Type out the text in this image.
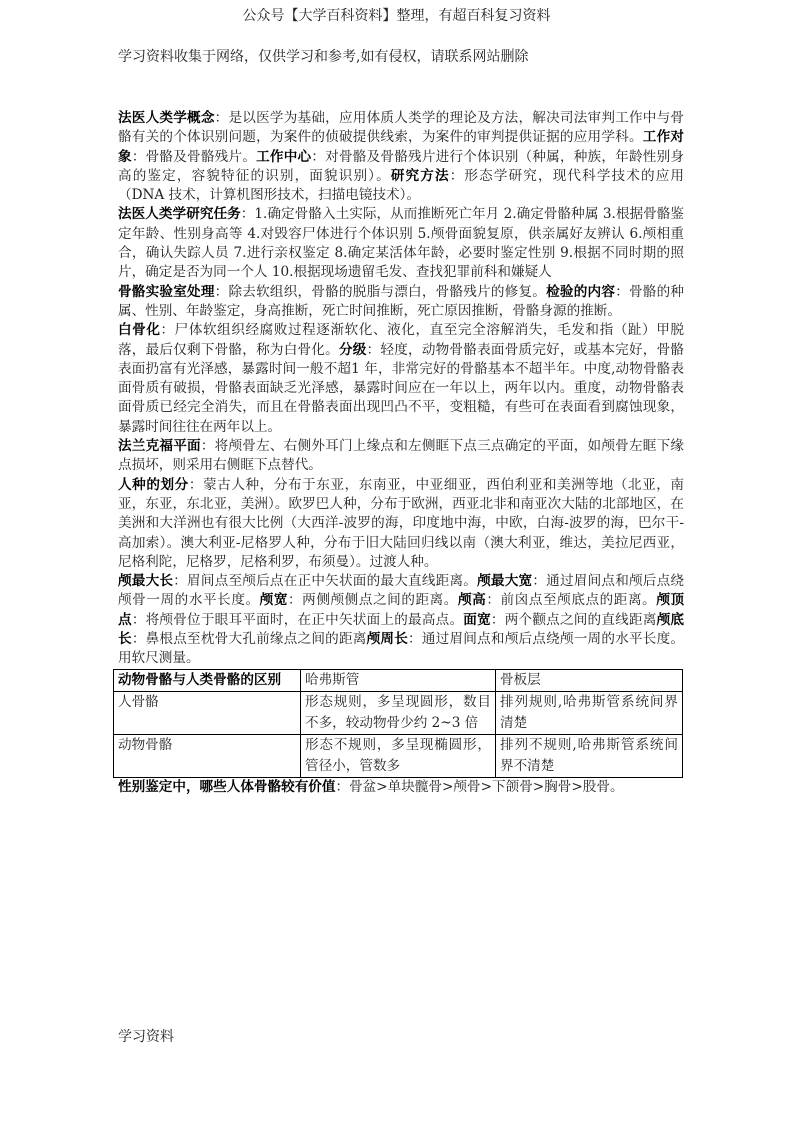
公众号【大学百科资料】整理，有超百科复习资料
学习资料收集于网络，仅供学习和参考,如有侵权，请联系网站删除

法医人类学概念：是以医学为基础，应用体质人类学的理论及方法，解决司法审判工作中与骨骼有关的个体识别问题，为案件的侦破提供线索，为案件的审判提供证据的应用学科。工作对象：骨骼及骨骼残片。工作中心：对骨骼及骨骼残片进行个体识别（种属，种族，年龄性别身高的鉴定，容貌特征的识别，面貌识别）。研究方法：形态学研究，现代科学技术的应用（DNA 技术，计算机图形技术，扫描电镜技术）。

法医人类学研究任务：1.确定骨骼入土实际，从而推断死亡年月 2.确定骨骼种属 3.根据骨骼鉴定年龄、性别身高等 4.对毁容尸体进行个体识别 5.颅骨面貌复原，供亲属好友辨认 6.颅相重合，确认失踪人员 7.进行亲权鉴定 8.确定某活体年龄，必要时鉴定性别 9.根据不同时期的照片，确定是否为同一个人 10.根据现场遗留毛发、查找犯罪前科和嫌疑人

骨骼实验室处理：除去软组织，骨骼的脱脂与漂白，骨骼残片的修复。检验的内容：骨骼的种属、性别、年龄鉴定，身高推断，死亡时间推断，死亡原因推断，骨骼身源的推断。

白骨化：尸体软组织经腐败过程逐渐软化、液化，直至完全溶解消失，毛发和指（趾）甲脱落，最后仅剩下骨骼，称为白骨化。分级：轻度，动物骨骼表面骨质完好，或基本完好，骨骼表面扔富有光泽感，暴露时间一般不超1 年，非常完好的骨骼基本不超半年。中度,动物骨骼表面骨质有破损，骨骼表面缺乏光泽感，暴露时间应在一年以上，两年以内。重度，动物骨骼表面骨质已经完全消失，而且在骨骼表面出现凹凸不平，变粗糙，有些可在表面看到腐蚀现象，暴露时间往往在两年以上。

法兰克福平面：将颅骨左、右侧外耳门上缘点和左侧眶下点三点确定的平面，如颅骨左眶下缘点损坏，则采用右侧眶下点替代。

人种的划分：蒙古人种，分布于东亚，东南亚，中亚细亚，西伯利亚和美洲等地（北亚，南亚，东亚，东北亚，美洲）。欧罗巴人种，分布于欧洲，西亚北非和南亚次大陆的北部地区，在美洲和大洋洲也有很大比例（大西洋-波罗的海，印度地中海，中欧，白海-波罗的海，巴尔干-高加索）。澳大利亚-尼格罗人种，分布于旧大陆回归线以南（澳大利亚，维达，美拉尼西亚，尼格利陀，尼格罗，尼格利罗，布须曼）。过渡人种。

颅最大长：眉间点至颅后点在正中矢状面的最大直线距离。颅最大宽：通过眉间点和颅后点绕颅骨一周的水平长度。颅宽：两侧颅侧点之间的距离。颅高：前囟点至颅底点的距离。颅顶点：将颅骨位于眼耳平面时，在正中矢状面上的最高点。面宽：两个颧点之间的直线距离颅底长：鼻根点至枕骨大孔前缘点之间的距离颅周长：通过眉间点和颅后点绕颅一周的水平长度。用软尺测量。

动物骨骼与人类骨骼的区别	哈弗斯管	骨板层
人骨骼	形态规则，多呈现圆形，数目不多，较动物骨少约 2~3 倍	排列规则,哈弗斯管系统间界清楚
动物骨骼	形态不规则，多呈现椭圆形，管径小，管数多	排列不规则,哈弗斯管系统间界不清楚

性别鉴定中，哪些人体骨骼较有价值：骨盆>单块髋骨>颅骨>下颌骨>胸骨>股骨。

学习资料
